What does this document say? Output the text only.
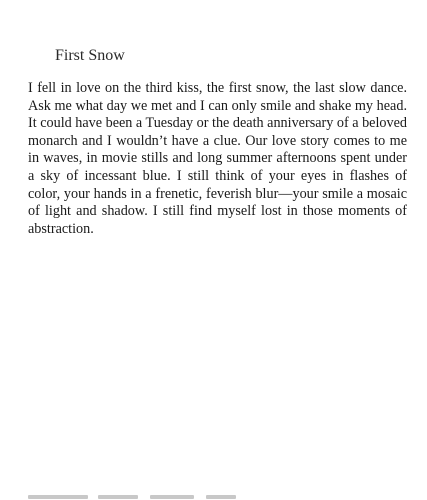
First Snow

I fell in love on the third kiss, the first snow, the last slow dance. Ask me what day we met and I can only smile and shake my head. It could have been a Tuesday or the death anniversary of a beloved monarch and I wouldn’t have a clue. Our love story comes to me in waves, in movie stills and long summer afternoons spent under a sky of incessant blue. I still think of your eyes in flashes of color, your hands in a frenetic, feverish blur—your smile a mosaic of light and shadow. I still find myself lost in those moments of abstraction.
